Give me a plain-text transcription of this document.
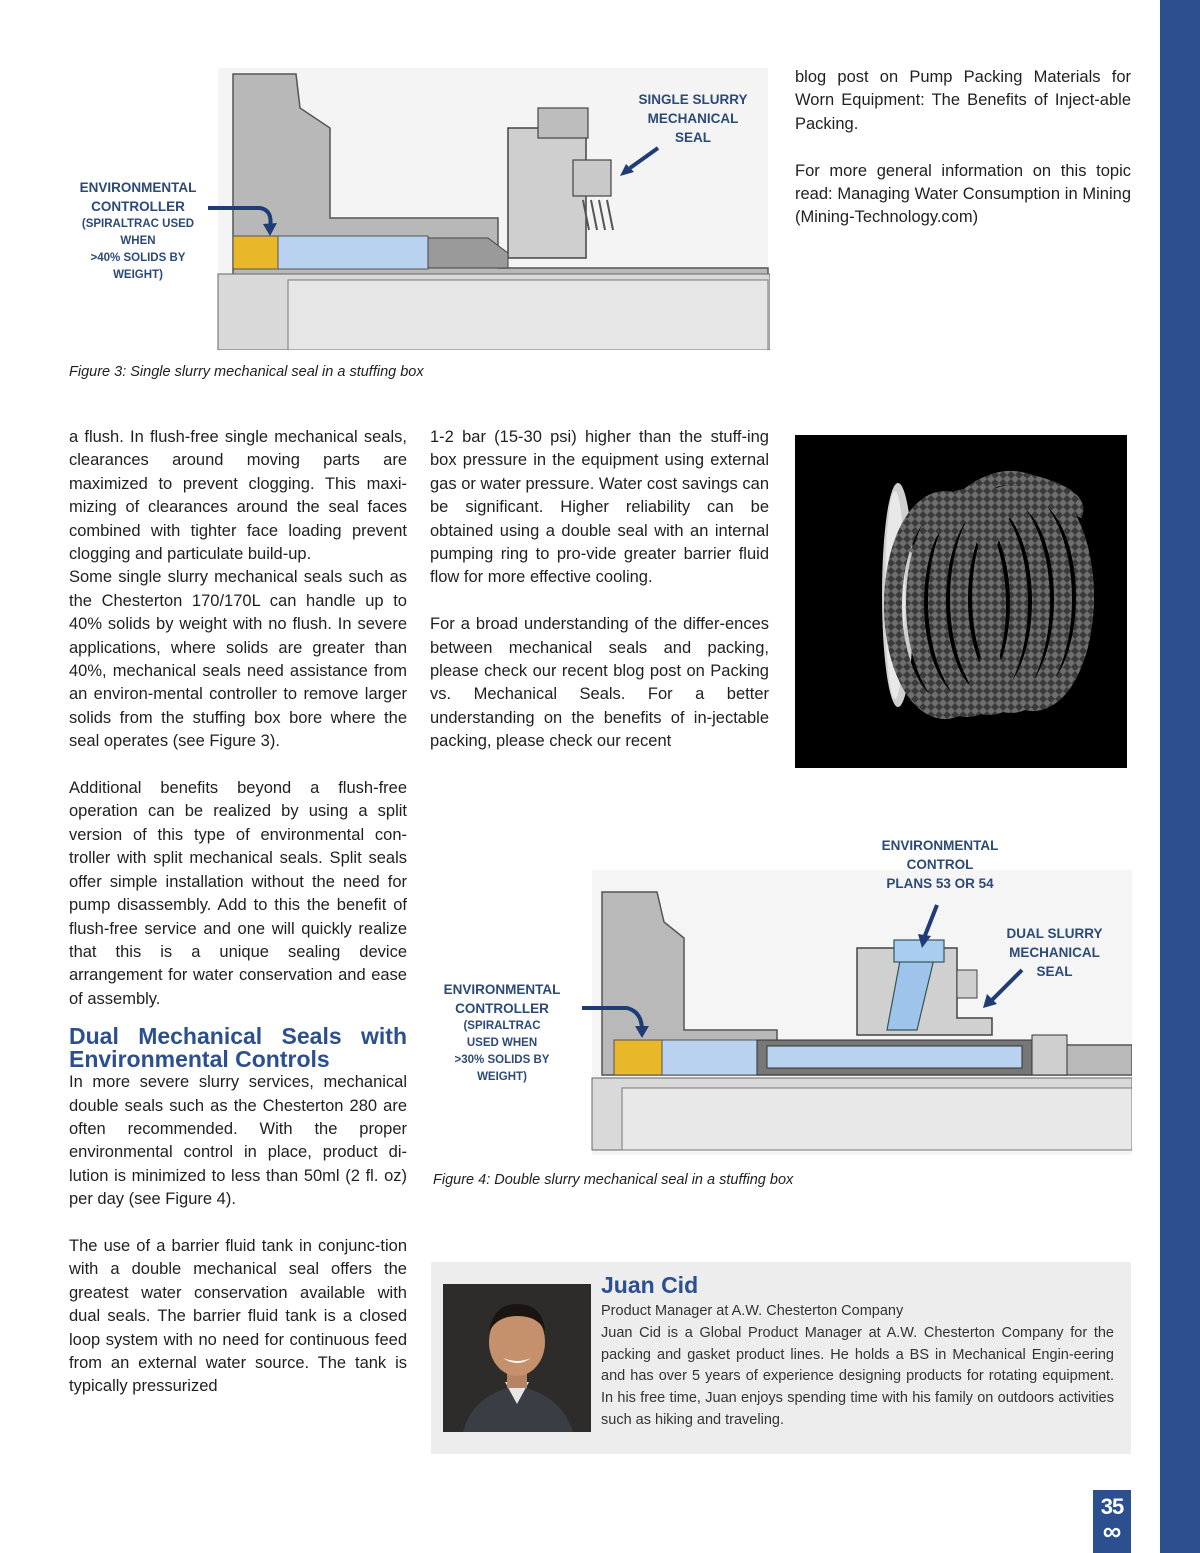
SINGLE SLURRY
MECHANICAL
SEAL
ENVIRONMENTAL
CONTROLLER
(SPIRALTRAC USED
WHEN
>40% SOLIDS BY
WEIGHT)
Figure 3: Single slurry mechanical seal in a stuffing box

blog post on Pump Packing Materials for Worn Equipment: The Benefits of Inject-able Packing.

For more general information on this topic read: Managing Water Consumption in Mining (Mining-Technology.com)

a flush. In flush-free single mechanical seals, clearances around moving parts are maximized to prevent clogging. This maxi-mizing of clearances around the seal faces combined with tighter face loading prevent clogging and particulate build-up.

Some single slurry mechanical seals such as the Chesterton 170/170L can handle up to 40% solids by weight with no flush. In severe applications, where solids are greater than 40%, mechanical seals need assistance from an environ-mental controller to remove larger solids from the stuffing box bore where the seal operates (see Figure 3).

Additional benefits beyond a flush-free operation can be realized by using a split version of this type of environmental con-troller with split mechanical seals. Split seals offer simple installation without the need for pump disassembly. Add to this the benefit of flush-free service and one will quickly realize that this is a unique sealing device arrangement for water conservation and ease of assembly.

Dual Mechanical Seals with Environmental Controls

In more severe slurry services, mechanical double seals such as the Chesterton 280 are often recommended. With the proper environmental control in place, product di-lution is minimized to less than 50ml (2 fl. oz) per day (see Figure 4).

The use of a barrier fluid tank in conjunc-tion with a double mechanical seal offers the greatest water conservation available with dual seals. The barrier fluid tank is a closed loop system with no need for continuous feed from an external water source. The tank is typically pressurized

1-2 bar (15-30 psi) higher than the stuff-ing box pressure in the equipment using external gas or water pressure. Water cost savings can be significant. Higher reliability can be obtained using a double seal with an internal pumping ring to pro-vide greater barrier fluid flow for more effective cooling.

For a broad understanding of the differ-ences between mechanical seals and packing, please check our recent blog post on Packing vs. Mechanical Seals. For a better understanding on the benefits of in-jectable packing, please check our recent

ENVIRONMENTAL
CONTROL
PLANS 53 OR 54
DUAL SLURRY
MECHANICAL
SEAL
ENVIRONMENTAL
CONTROLLER
(SPIRALTRAC
USED WHEN
>30% SOLIDS BY
WEIGHT)
Figure 4: Double slurry mechanical seal in a stuffing box
Juan Cid
Product Manager at A.W. Chesterton Company
Juan Cid is a Global Product Manager at A.W. Chesterton Company for the packing and gasket product lines. He holds a BS in Mechanical Engin-eering and has over 5 years of experience designing products for rotating equipment. In his free time, Juan enjoys spending time with his family on outdoors activities such as hiking and traveling.
35
∞
